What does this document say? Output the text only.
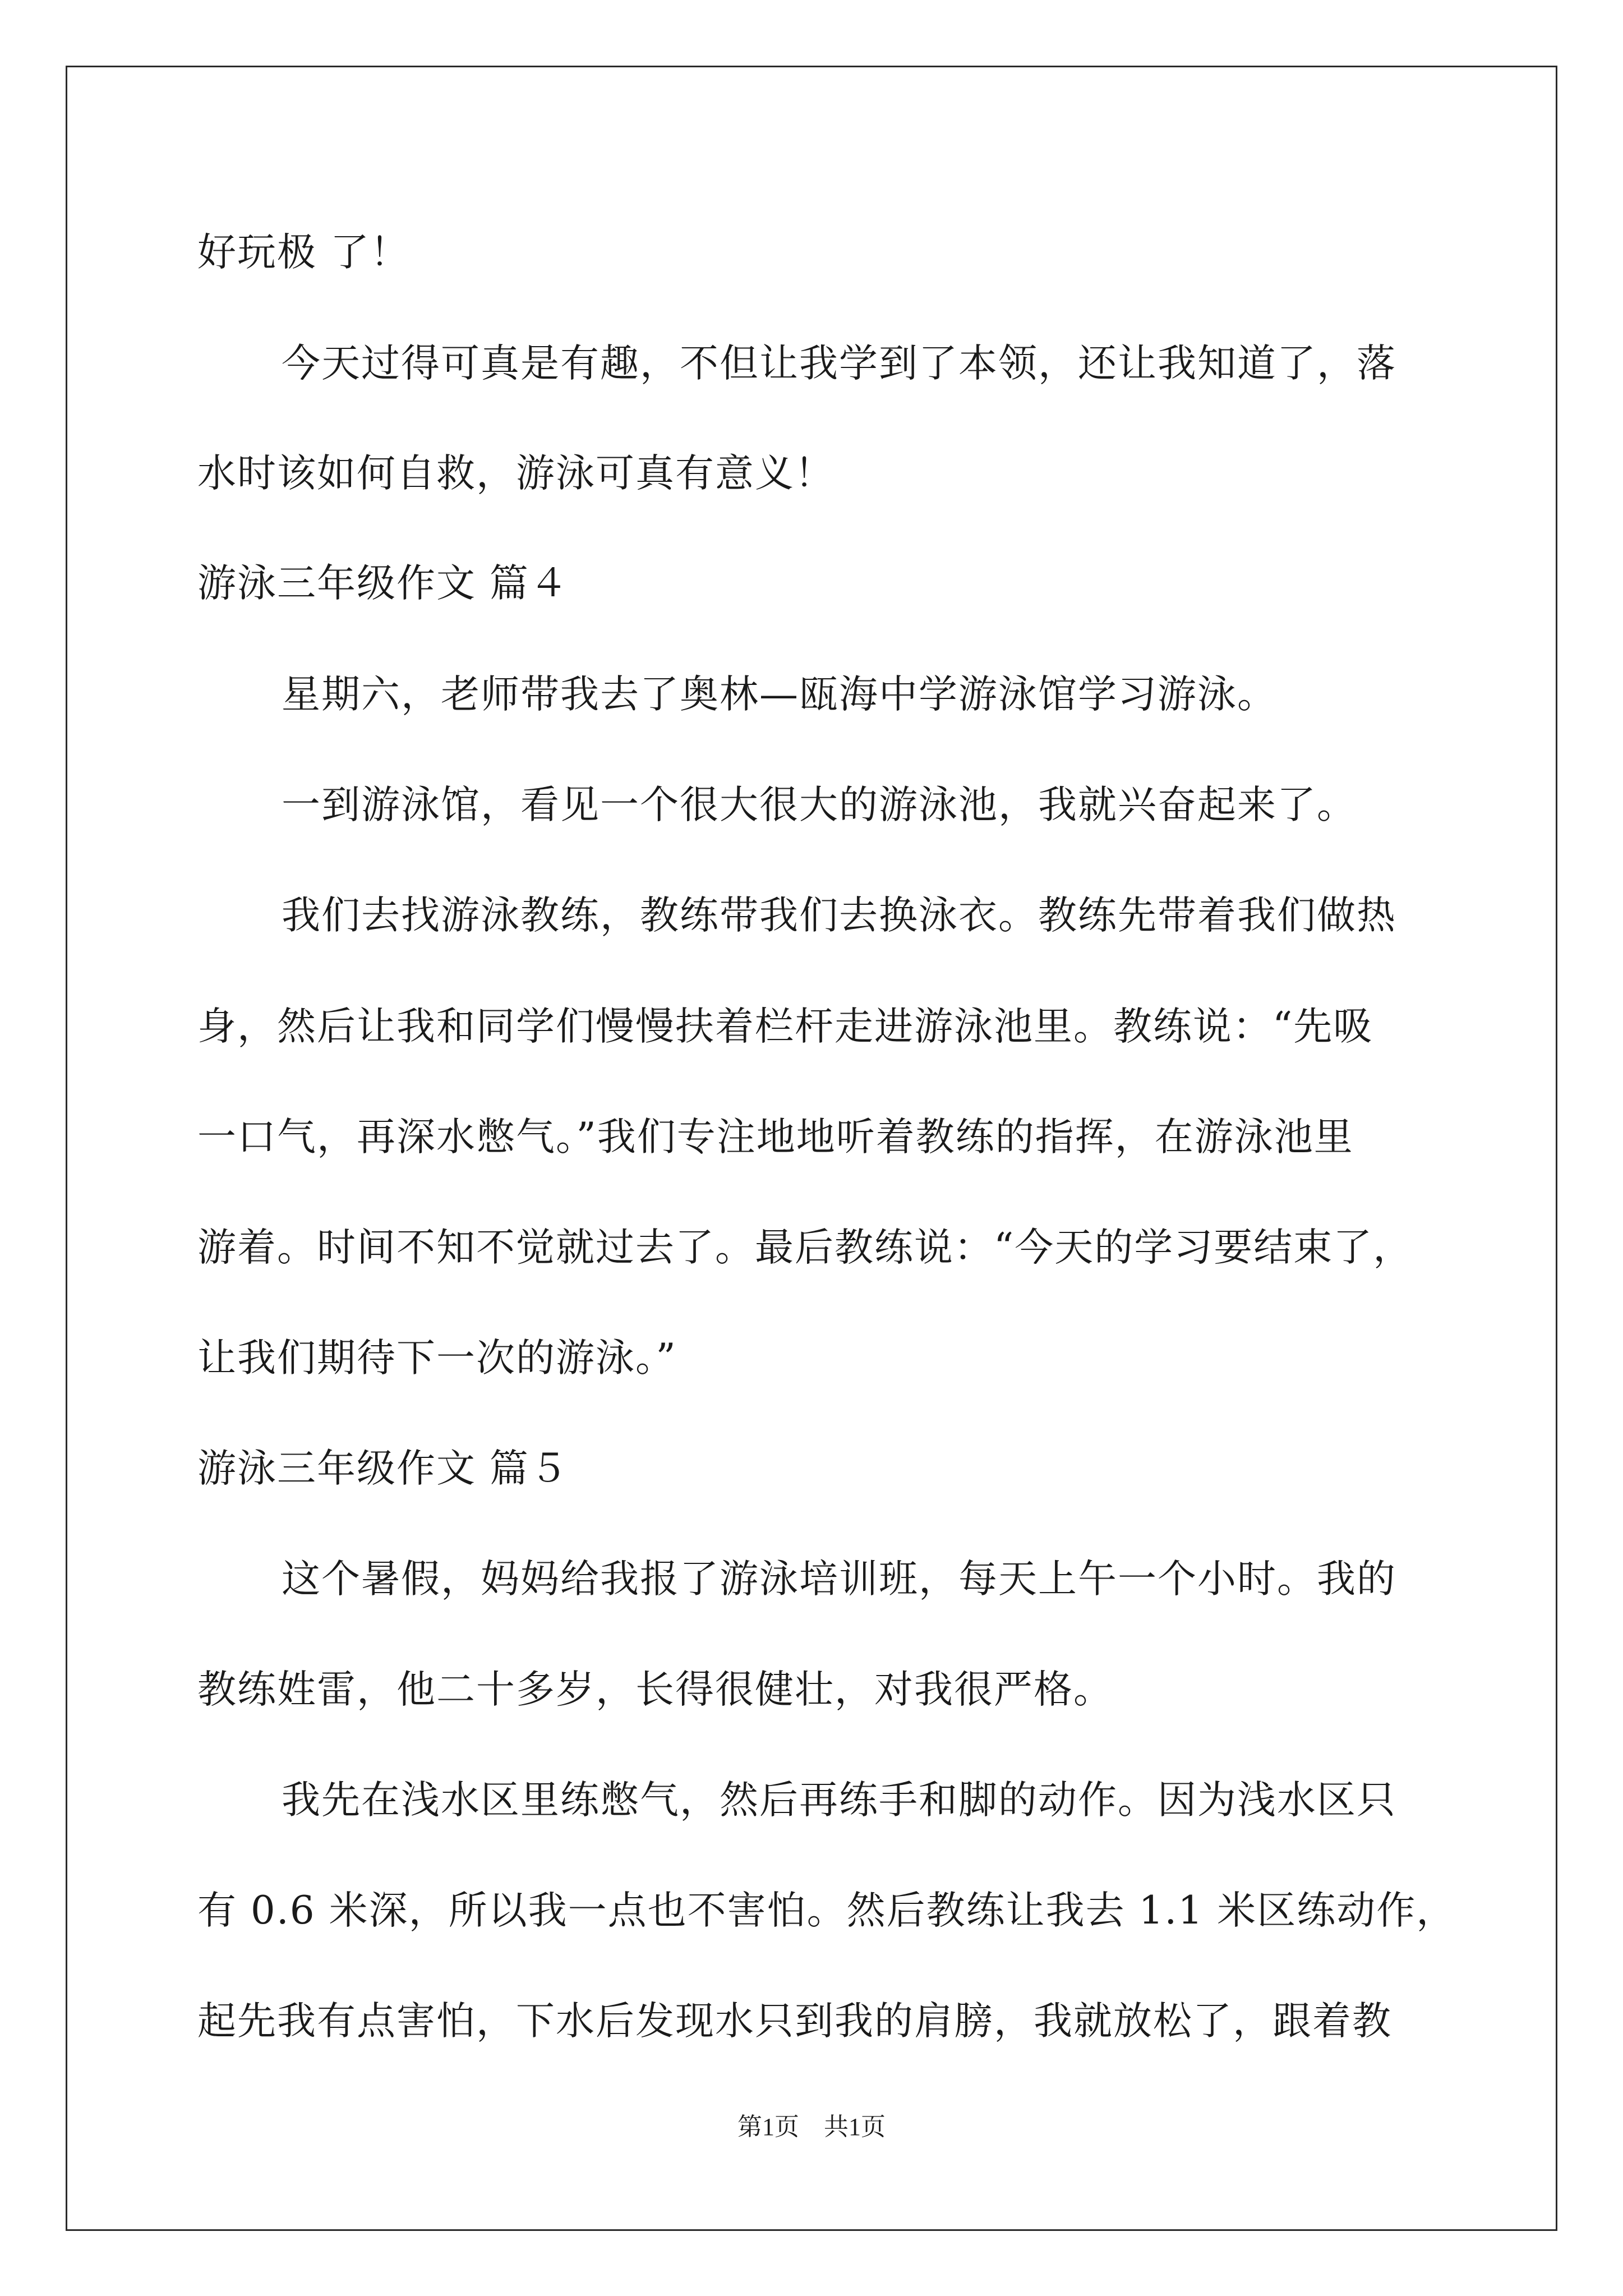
好玩极 了！
今天过得可真是有趣，不但让我学到了本领，还让我知道了，落
水时该如何自救，游泳可真有意义！
游泳三年级作文 篇４
星期六，老师带我去了奥林—瓯海中学游泳馆学习游泳。
一到游泳馆，看见一个很大很大的游泳池，我就兴奋起来了。
我们去找游泳教练，教练带我们去换泳衣。教练先带着我们做热
身，然后让我和同学们慢慢扶着栏杆走进游泳池里。教练说：“先吸
一口气，再深水憋气。”我们专注地地听着教练的指挥，在游泳池里
游着。时间不知不觉就过去了。最后教练说：“今天的学习要结束了，
让我们期待下一次的游泳。”
游泳三年级作文 篇５
这个暑假，妈妈给我报了游泳培训班，每天上午一个小时。我的
教练姓雷，他二十多岁，长得很健壮，对我很严格。
我先在浅水区里练憋气，然后再练手和脚的动作。因为浅水区只
有 0.6 米深，所以我一点也不害怕。然后教练让我去 1.1 米区练动作，
起先我有点害怕，下水后发现水只到我的肩膀，我就放松了，跟着教
第1页　共1页
